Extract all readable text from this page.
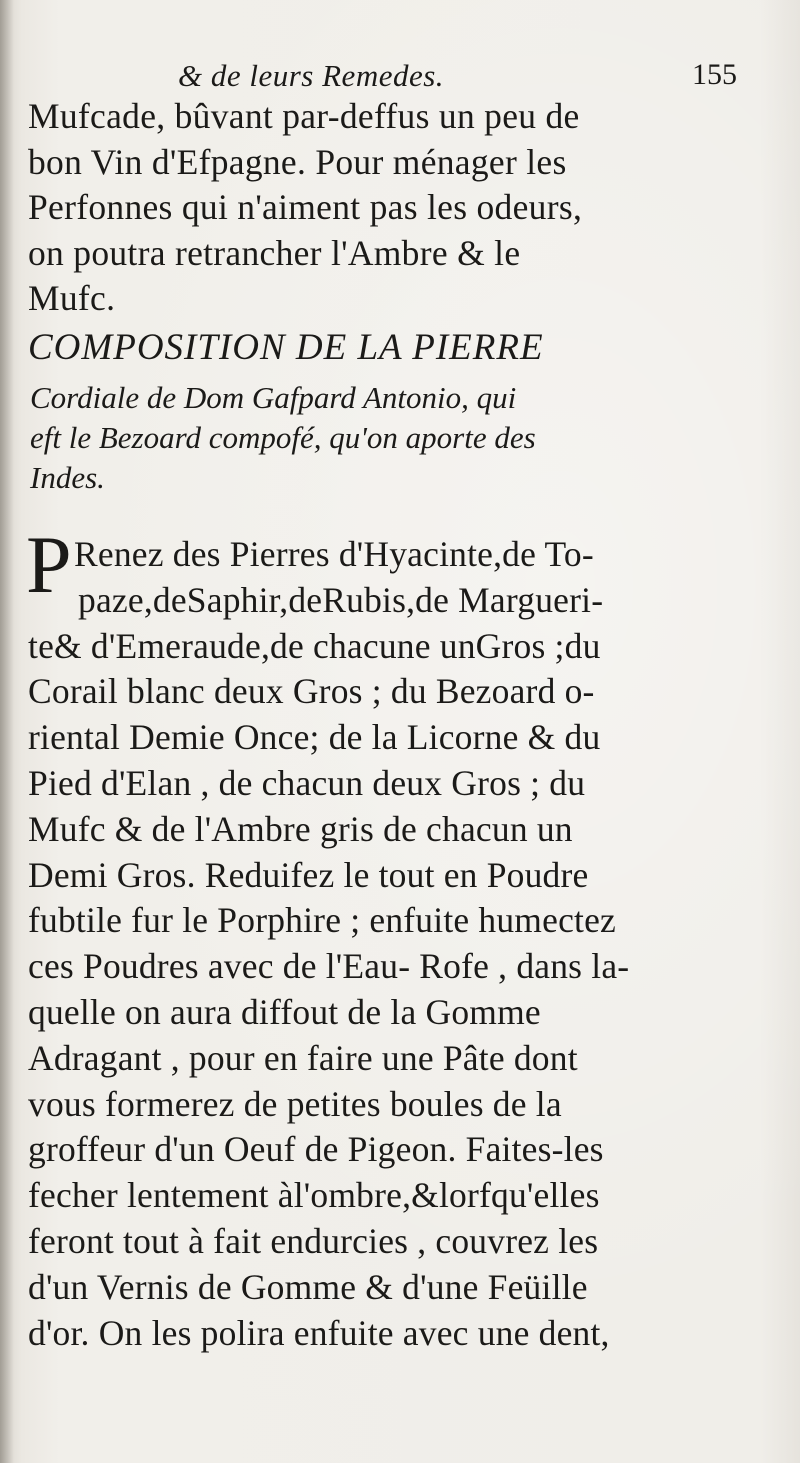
& de leurs Remedes.	155
Mufcade, bûvant par-deffus un peu de
bon Vin d'Efpagne. Pour ménager les
Perfonnes qui n'aiment pas les odeurs,
on poutra retrancher l'Ambre & le
Mufc.
COMPOSITION DE LA PIERRE
Cordiale de Dom Gafpard Antonio, qui
eft le Bezoard compofé, qu'on aporte des
Indes.
P Renez des Pierres d'Hyacinte,de To-
paze,deSaphir,deRubis,de Margueri-
te& d'Emeraude,de chacune unGros ;du
Corail blanc deux Gros ; du Bezoard o-
riental Demie Once; de la Licorne & du
Pied d'Elan , de chacun deux Gros ; du
Mufc & de l'Ambre gris de chacun un
Demi Gros. Reduifez le tout en Poudre
fubtile fur le Porphire ; enfuite humectez
ces Poudres avec de l'Eau- Rofe , dans la-
quelle on aura diffout de la Gomme
Adragant , pour en faire une Pâte dont
vous formerez de petites boules de la
groffeur d'un Oeuf de Pigeon. Faites-les
fecher lentement àl'ombre,&lorfqu'elles
feront tout à fait endurcies , couvrez les
d'un Vernis de Gomme & d'une Feüille
d'or. On les polira enfuite avec une dent,
